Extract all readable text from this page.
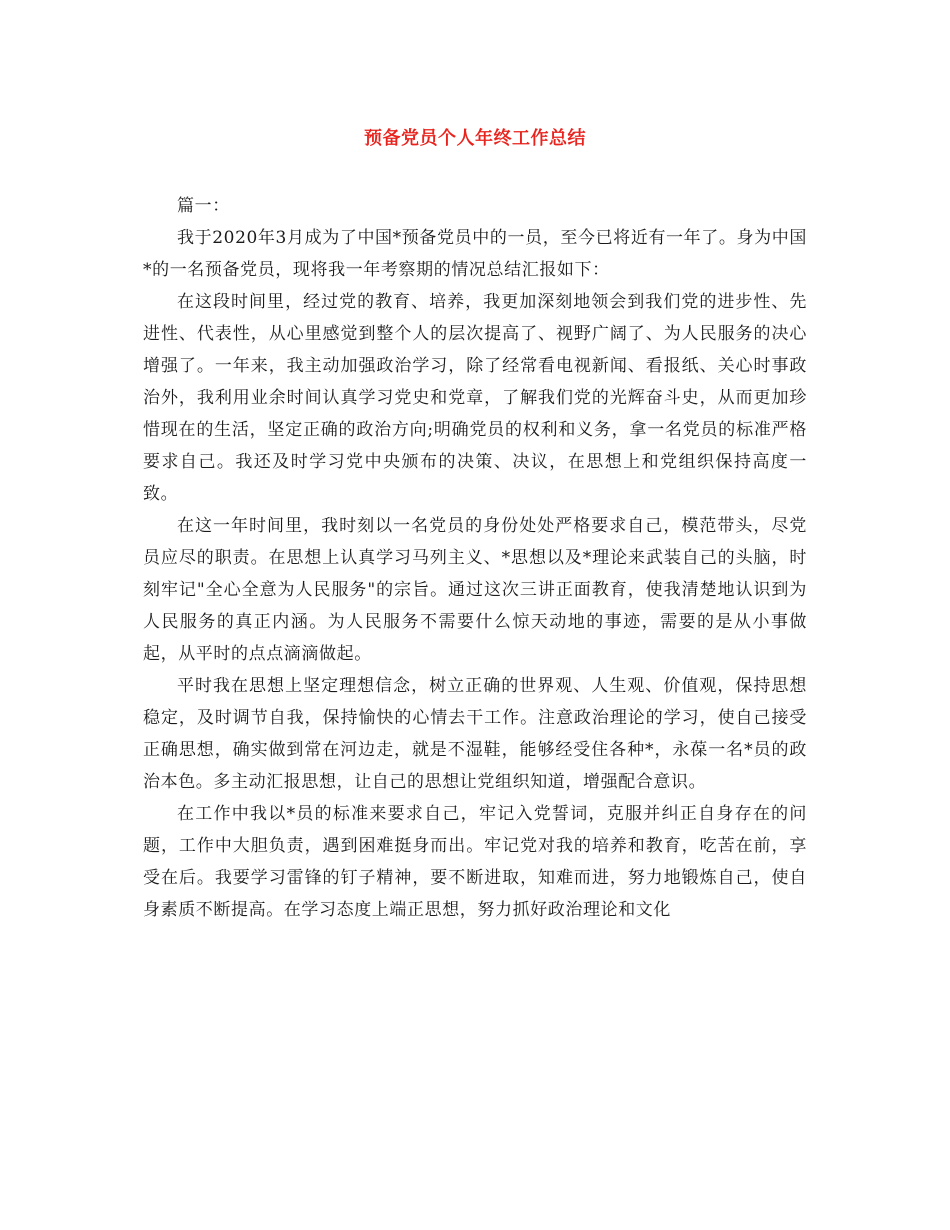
预备党员个人年终工作总结

篇一：

我于2020年3月成为了中国*预备党员中的一员，至今已将近有一年了。身为中国*的一名预备党员，现将我一年考察期的情况总结汇报如下：

在这段时间里，经过党的教育、培养，我更加深刻地领会到我们党的进步性、先进性、代表性，从心里感觉到整个人的层次提高了、视野广阔了、为人民服务的决心增强了。一年来，我主动加强政治学习，除了经常看电视新闻、看报纸、关心时事政治外，我利用业余时间认真学习党史和党章，了解我们党的光辉奋斗史，从而更加珍惜现在的生活，坚定正确的政治方向;明确党员的权利和义务，拿一名党员的标准严格要求自己。我还及时学习党中央颁布的决策、决议，在思想上和党组织保持高度一致。

在这一年时间里，我时刻以一名党员的身份处处严格要求自己，模范带头，尽党员应尽的职责。在思想上认真学习马列主义、*思想以及*理论来武装自己的头脑，时刻牢记"全心全意为人民服务"的宗旨。通过这次三讲正面教育，使我清楚地认识到为人民服务的真正内涵。为人民服务不需要什么惊天动地的事迹，需要的是从小事做起，从平时的点点滴滴做起。

平时我在思想上坚定理想信念，树立正确的世界观、人生观、价值观，保持思想稳定，及时调节自我，保持愉快的心情去干工作。注意政治理论的学习，使自己接受正确思想，确实做到常在河边走，就是不湿鞋，能够经受住各种*，永葆一名*员的政治本色。多主动汇报思想，让自己的思想让党组织知道，增强配合意识。

在工作中我以*员的标准来要求自己，牢记入党誓词，克服并纠正自身存在的问题，工作中大胆负责，遇到困难挺身而出。牢记党对我的培养和教育，吃苦在前，享受在后。我要学习雷锋的钉子精神，要不断进取，知难而进，努力地锻炼自己，使自身素质不断提高。在学习态度上端正思想，努力抓好政治理论和文化
